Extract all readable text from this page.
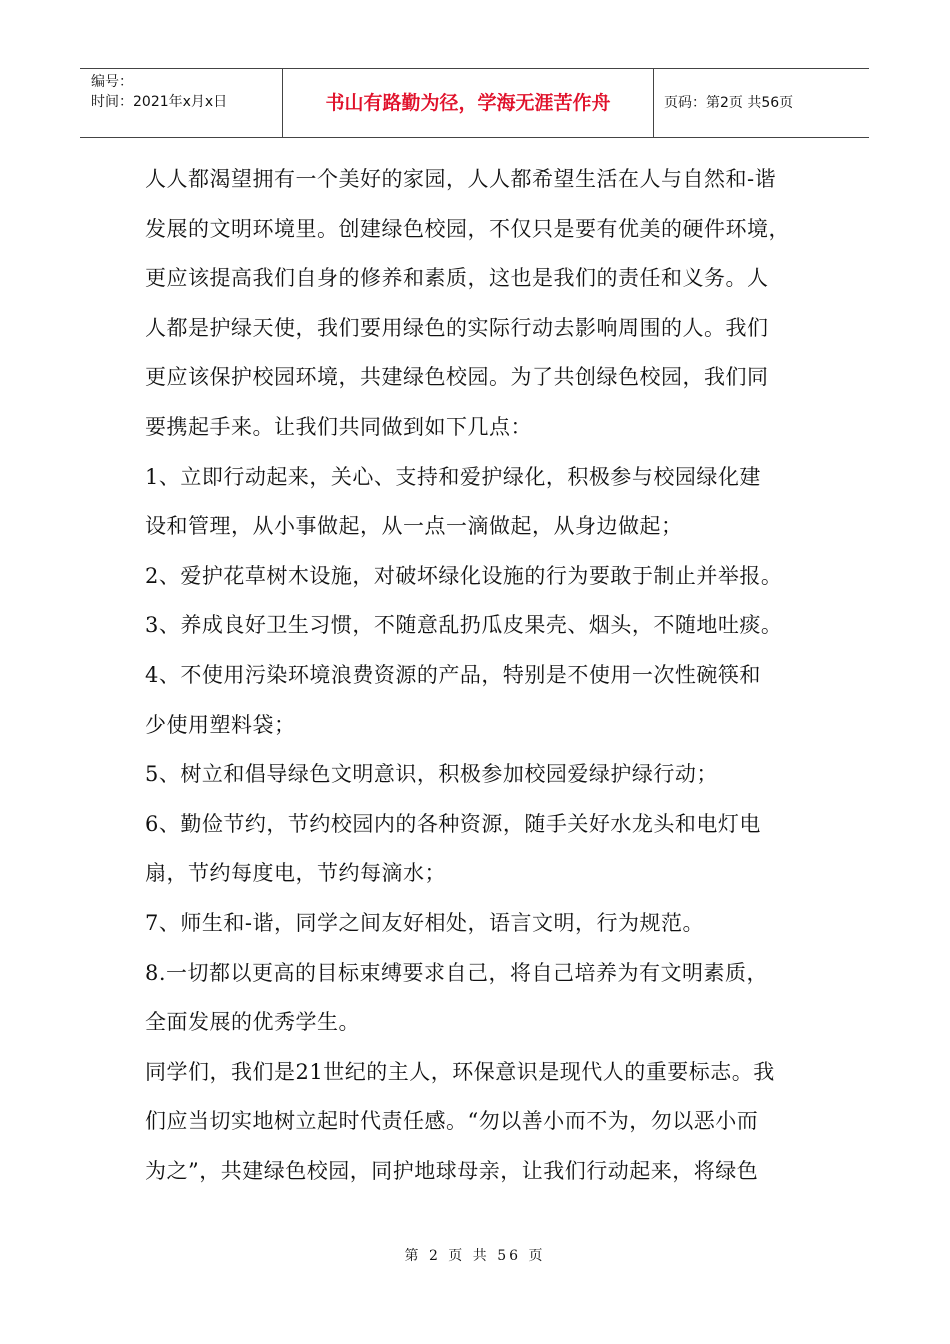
编号：
时间：2021年x月x日	书山有路勤为径，学海无涯苦作舟	页码：第2页 共56页
人人都渴望拥有一个美好的家园，人人都希望生活在人与自然和-谐
发展的文明环境里。创建绿色校园，不仅只是要有优美的硬件环境，
更应该提高我们自身的修养和素质，这也是我们的责任和义务。人
人都是护绿天使，我们要用绿色的实际行动去影响周围的人。我们
更应该保护校园环境，共建绿色校园。为了共创绿色校园，我们同
要携起手来。让我们共同做到如下几点：
1、立即行动起来，关心、支持和爱护绿化，积极参与校园绿化建
设和管理，从小事做起，从一点一滴做起，从身边做起；
2、爱护花草树木设施，对破坏绿化设施的行为要敢于制止并举报。
3、养成良好卫生习惯，不随意乱扔瓜皮果壳、烟头，不随地吐痰。
4、不使用污染环境浪费资源的产品，特别是不使用一次性碗筷和
少使用塑料袋；
5、树立和倡导绿色文明意识，积极参加校园爱绿护绿行动；
6、勤俭节约，节约校园内的各种资源，随手关好水龙头和电灯电
扇，节约每度电，节约每滴水；
7、师生和-谐，同学之间友好相处，语言文明，行为规范。
8.一切都以更高的目标束缚要求自己，将自己培养为有文明素质，
全面发展的优秀学生。
同学们，我们是21世纪的主人，环保意识是现代人的重要标志。我
们应当切实地树立起时代责任感。“勿以善小而不为，勿以恶小而
为之”，共建绿色校园，同护地球母亲，让我们行动起来，将绿色
第 2 页 共 56 页
